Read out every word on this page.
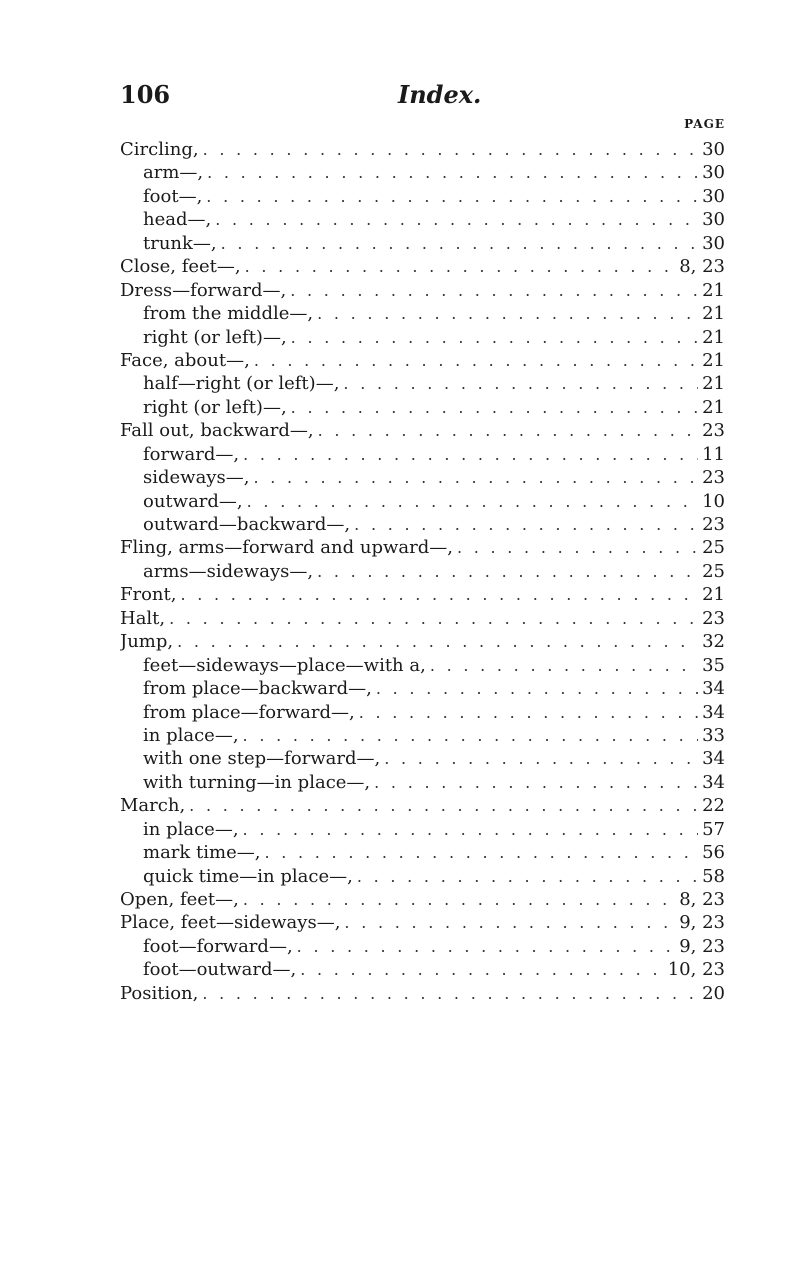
106	Index.
PAGE
Circling, . . .	30
arm—, . . .	30
foot—, . . .	30
head—, . . .	30
trunk—, . . .	30
Close, feet—, . . .	8, 23
Dress—forward—, . . .	21
from the middle—, . . .	21
right (or left)—, . . .	21
Face, about—, . . .	21
half—right (or left)—, . . .	21
right (or left)—, . . .	21
Fall out, backward—, . . .	23
forward—, . . .	11
sideways—, . . .	23
outward—, . . .	10
outward—backward—, . . .	23
Fling, arms—forward and upward—, . . .	25
arms—sideways—, . . .	25
Front, . . .	21
Halt, . . .	23
Jump, . . .	32
feet—sideways—place—with a, . . .	35
from place—backward—, . . .	34
from place—forward—, . . .	34
in place—, . . .	33
with one step—forward—, . . .	34
with turning—in place—, . . .	34
March, . . .	22
in place—, . . .	57
mark time—, . . .	56
quick time—in place—, . . .	58
Open, feet—, . . .	8, 23
Place, feet—sideways—, . . .	9, 23
foot—forward—, . . .	9, 23
foot—outward—, . . .	10, 23
Position, . . .	20
